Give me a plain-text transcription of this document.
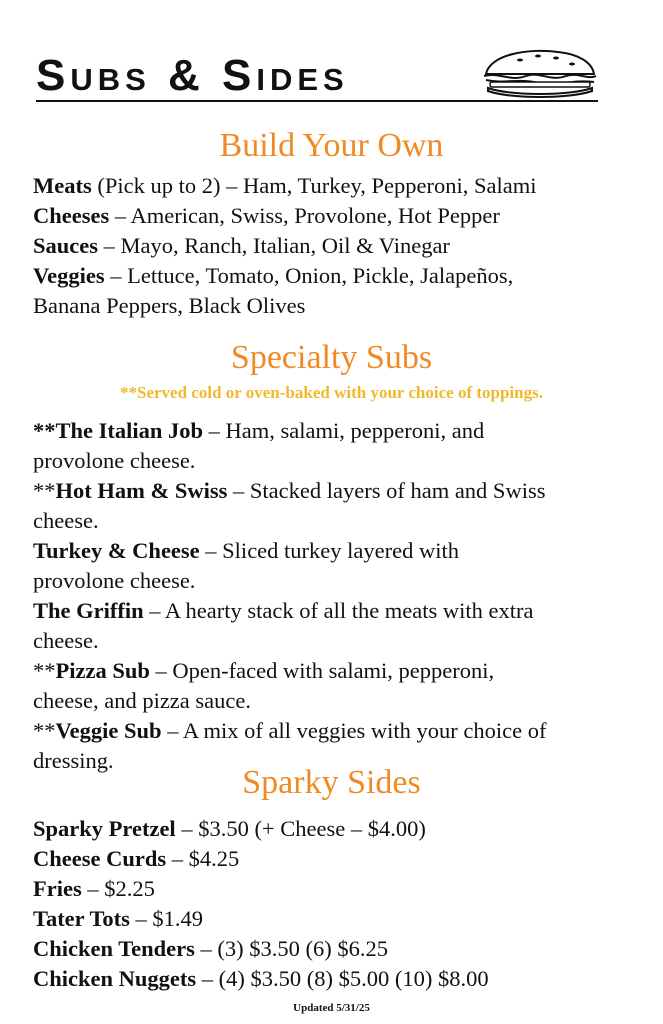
Subs & Sides
Build Your Own
Meats (Pick up to 2) – Ham, Turkey, Pepperoni, Salami
Cheeses – American, Swiss, Provolone, Hot Pepper
Sauces – Mayo, Ranch, Italian, Oil & Vinegar
Veggies – Lettuce, Tomato, Onion, Pickle, Jalapeños,
Banana Peppers, Black Olives
Specialty Subs
**Served cold or oven-baked with your choice of toppings.
**The Italian Job – Ham, salami, pepperoni, and
provolone cheese.
**Hot Ham & Swiss – Stacked layers of ham and Swiss
cheese.
Turkey & Cheese – Sliced turkey layered with
provolone cheese.
The Griffin – A hearty stack of all the meats with extra
cheese.
**Pizza Sub – Open-faced with salami, pepperoni,
cheese, and pizza sauce.
**Veggie Sub – A mix of all veggies with your choice of
dressing.
Sparky Sides
Sparky Pretzel – $3.50 (+ Cheese – $4.00)
Cheese Curds – $4.25
Fries – $2.25
Tater Tots – $1.49
Chicken Tenders – (3) $3.50 (6) $6.25
Chicken Nuggets – (4) $3.50 (8) $5.00 (10) $8.00
Updated 5/31/25
